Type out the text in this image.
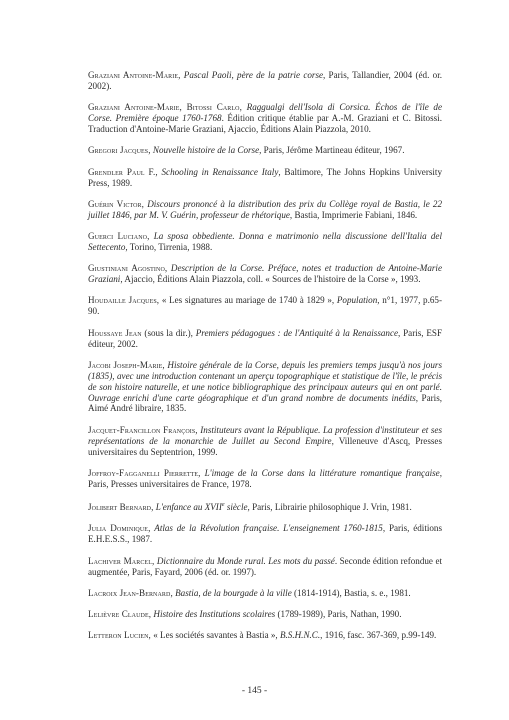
Graziani Antoine-Marie, Pascal Paoli, père de la patrie corse, Paris, Tallandier, 2004 (éd. or. 2002).
Graziani Antoine-Marie, Bitossi Carlo, Raggualgi dell'Isola di Corsica. Échos de l'île de Corse. Première époque 1760-1768. Édition critique établie par A.-M. Graziani et C. Bitossi. Traduction d'Antoine-Marie Graziani, Ajaccio, Éditions Alain Piazzola, 2010.
Gregori Jacques, Nouvelle histoire de la Corse, Paris, Jérôme Martineau éditeur, 1967.
Grendler Paul F., Schooling in Renaissance Italy, Baltimore, The Johns Hopkins University Press, 1989.
Guérin Victor, Discours prononcé à la distribution des prix du Collège royal de Bastia, le 22 juillet 1846, par M. V. Guérin, professeur de rhétorique, Bastia, Imprimerie Fabiani, 1846.
Guerci Luciano, La sposa obbediente. Donna e matrimonio nella discussione dell'Italia del Settecento, Torino, Tirrenia, 1988.
Giustiniani Agostino, Description de la Corse. Préface, notes et traduction de Antoine-Marie Graziani, Ajaccio, Éditions Alain Piazzola, coll. « Sources de l'histoire de la Corse », 1993.
Houdaille Jacques, « Les signatures au mariage de 1740 à 1829 », Population, n°1, 1977, p.65-90.
Houssaye Jean (sous la dir.), Premiers pédagogues : de l'Antiquité à la Renaissance, Paris, ESF éditeur, 2002.
Jacobi Joseph-Marie, Histoire générale de la Corse, depuis les premiers temps jusqu'à nos jours (1835), avec une introduction contenant un aperçu topographique et statistique de l'île, le précis de son histoire naturelle, et une notice bibliographique des principaux auteurs qui en ont parlé. Ouvrage enrichi d'une carte géographique et d'un grand nombre de documents inédits, Paris, Aimé André libraire, 1835.
Jacquet-Francillon François, Instituteurs avant la République. La profession d'instituteur et ses représentations de la monarchie de Juillet au Second Empire, Villeneuve d'Ascq, Presses universitaires du Septentrion, 1999.
Joffroy-Fagganelli Pierrette, L'image de la Corse dans la littérature romantique française, Paris, Presses universitaires de France, 1978.
Jolibert Bernard, L'enfance au XVIIe siècle, Paris, Librairie philosophique J. Vrin, 1981.
Julia Dominique, Atlas de la Révolution française. L'enseignement 1760-1815, Paris, éditions E.H.E.S.S., 1987.
Lachiver Marcel, Dictionnaire du Monde rural. Les mots du passé. Seconde édition refondue et augmentée, Paris, Fayard, 2006 (éd. or. 1997).
Lacroix Jean-Bernard, Bastia, de la bourgade à la ville (1814-1914), Bastia, s. e., 1981.
Lelièvre Claude, Histoire des Institutions scolaires (1789-1989), Paris, Nathan, 1990.
Letteron Lucien, « Les sociétés savantes à Bastia », B.S.H.N.C., 1916, fasc. 367-369, p.99-149.
- 145 -
